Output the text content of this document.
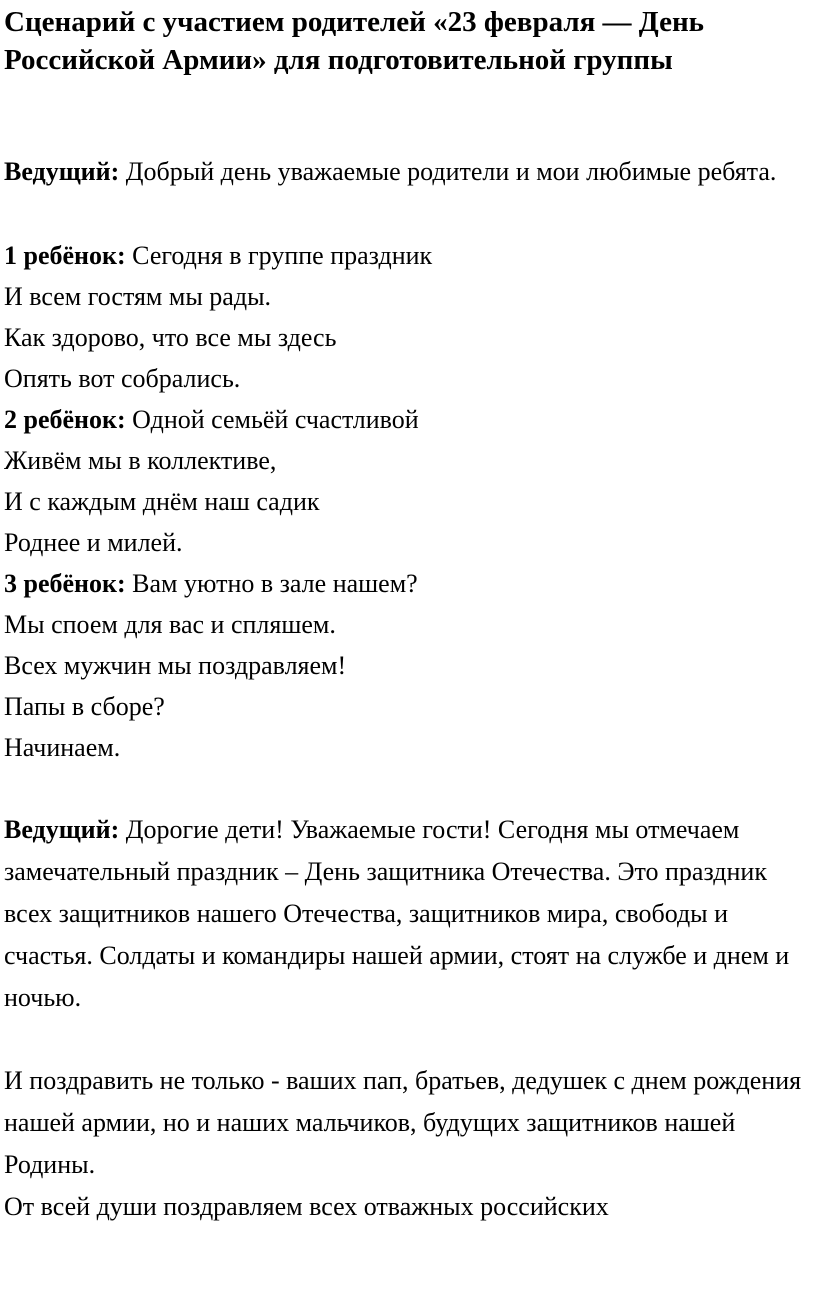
Сценарий с участием родителей «23 февраля — День Российской Армии» для подготовительной группы

Ведущий: Добрый день уважаемые родители и мои любимые ребята.

1 ребёнок: Сегодня в группе праздник
И всем гостям мы рады.
Как здорово, что все мы здесь
Опять вот собрались.
2 ребёнок: Одной семьёй счастливой
Живём мы в коллективе,
И с каждым днём наш садик
Роднее и милей.
3 ребёнок: Вам уютно в зале нашем?
Мы споем для вас и спляшем.
Всех мужчин мы поздравляем!
Папы в сборе?
Начинаем.

Ведущий: Дорогие дети! Уважаемые гости! Сегодня мы отмечаем замечательный праздник – День защитника Отечества. Это праздник всех защитников нашего Отечества, защитников мира, свободы и счастья. Солдаты и командиры нашей армии, стоят на службе и днем и ночью.

И поздравить не только - ваших пап, братьев, дедушек с днем рождения нашей армии, но и наших мальчиков, будущих защитников нашей Родины.

От всей души поздравляем всех отважных российских
